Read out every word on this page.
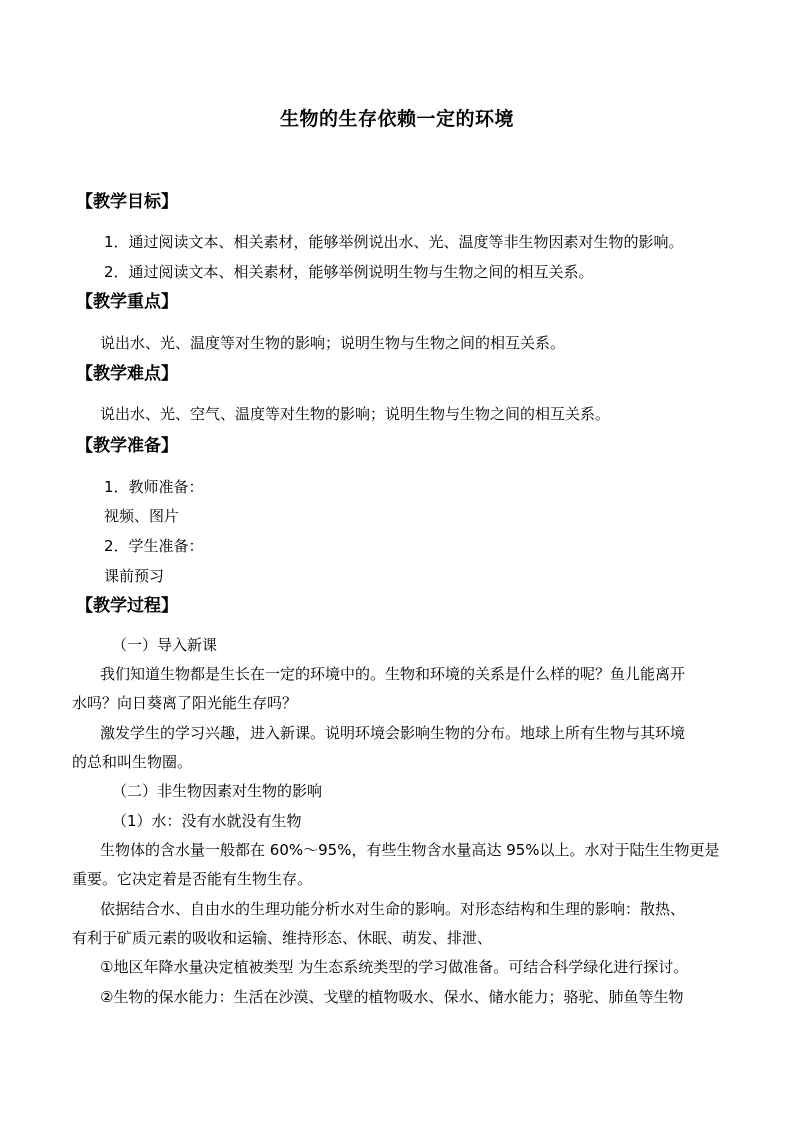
生物的生存依赖一定的环境
【教学目标】
1．通过阅读文本、相关素材，能够举例说出水、光、温度等非生物因素对生物的影响。
2．通过阅读文本、相关素材，能够举例说明生物与生物之间的相互关系。
【教学重点】
说出水、光、温度等对生物的影响；说明生物与生物之间的相互关系。
【教学难点】
说出水、光、空气、温度等对生物的影响；说明生物与生物之间的相互关系。
【教学准备】
1．教师准备：
视频、图片
2．学生准备：
课前预习
【教学过程】
（一）导入新课
我们知道生物都是生长在一定的环境中的。生物和环境的关系是什么样的呢？鱼儿能离开
水吗？向日葵离了阳光能生存吗？
激发学生的学习兴趣，进入新课。说明环境会影响生物的分布。地球上所有生物与其环境
的总和叫生物圈。
（二）非生物因素对生物的影响
（1）水：没有水就没有生物
生物体的含水量一般都在 60%～95%，有些生物含水量高达 95%以上。水对于陆生生物更是
重要。它决定着是否能有生物生存。
依据结合水、自由水的生理功能分析水对生命的影响。对形态结构和生理的影响：散热、
有利于矿质元素的吸收和运输、维持形态、休眠、萌发、排泄、
①地区年降水量决定植被类型 为生态系统类型的学习做准备。可结合科学绿化进行探讨。
②生物的保水能力：生活在沙漠、戈壁的植物吸水、保水、储水能力；骆驼、肺鱼等生物
